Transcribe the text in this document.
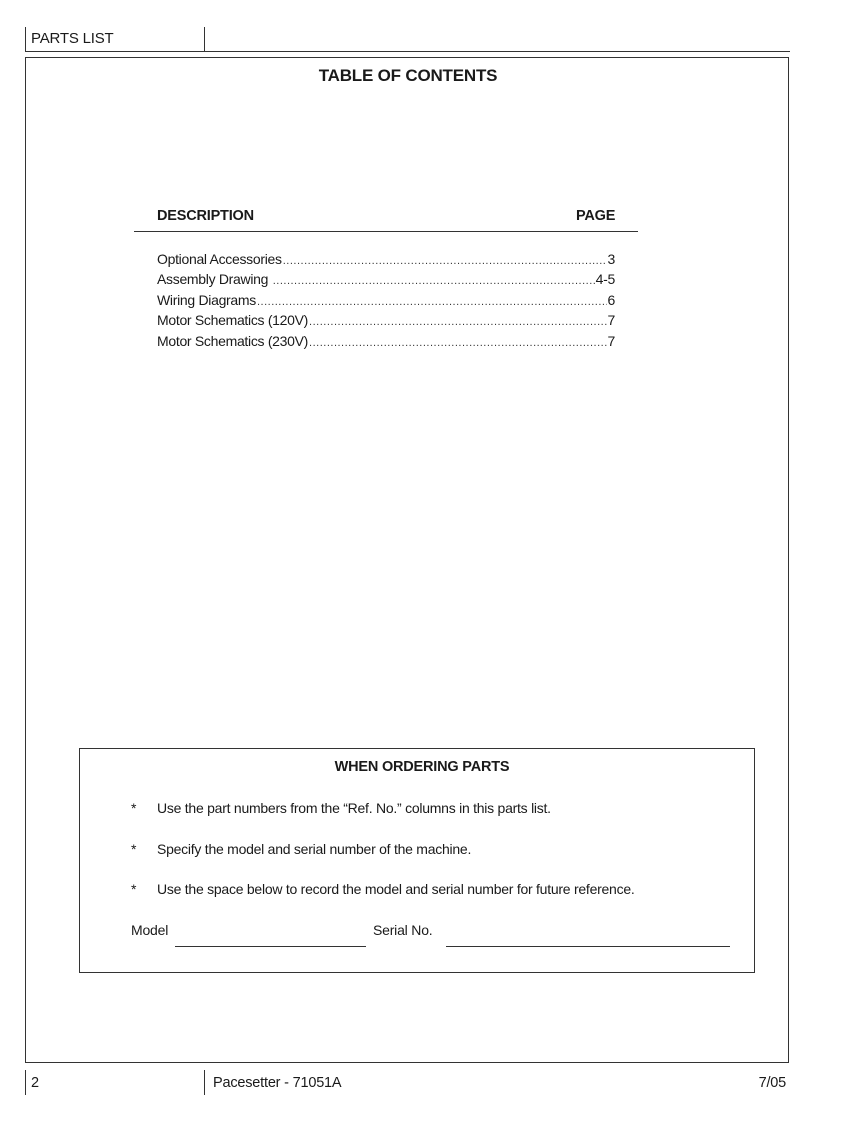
PARTS LIST
TABLE OF CONTENTS
DESCRIPTION	PAGE
Optional Accessories .....	3
Assembly Drawing .....	4-5
Wiring Diagrams .....	6
Motor Schematics (120V) .....	7
Motor Schematics (230V) .....	7
WHEN ORDERING PARTS
* Use the part numbers from the “Ref. No.” columns in this parts list.
* Specify the model and serial number of the machine.
* Use the space below to record the model and serial number for future reference.
Model	Serial No.
2	Pacesetter - 71051A	7/05
